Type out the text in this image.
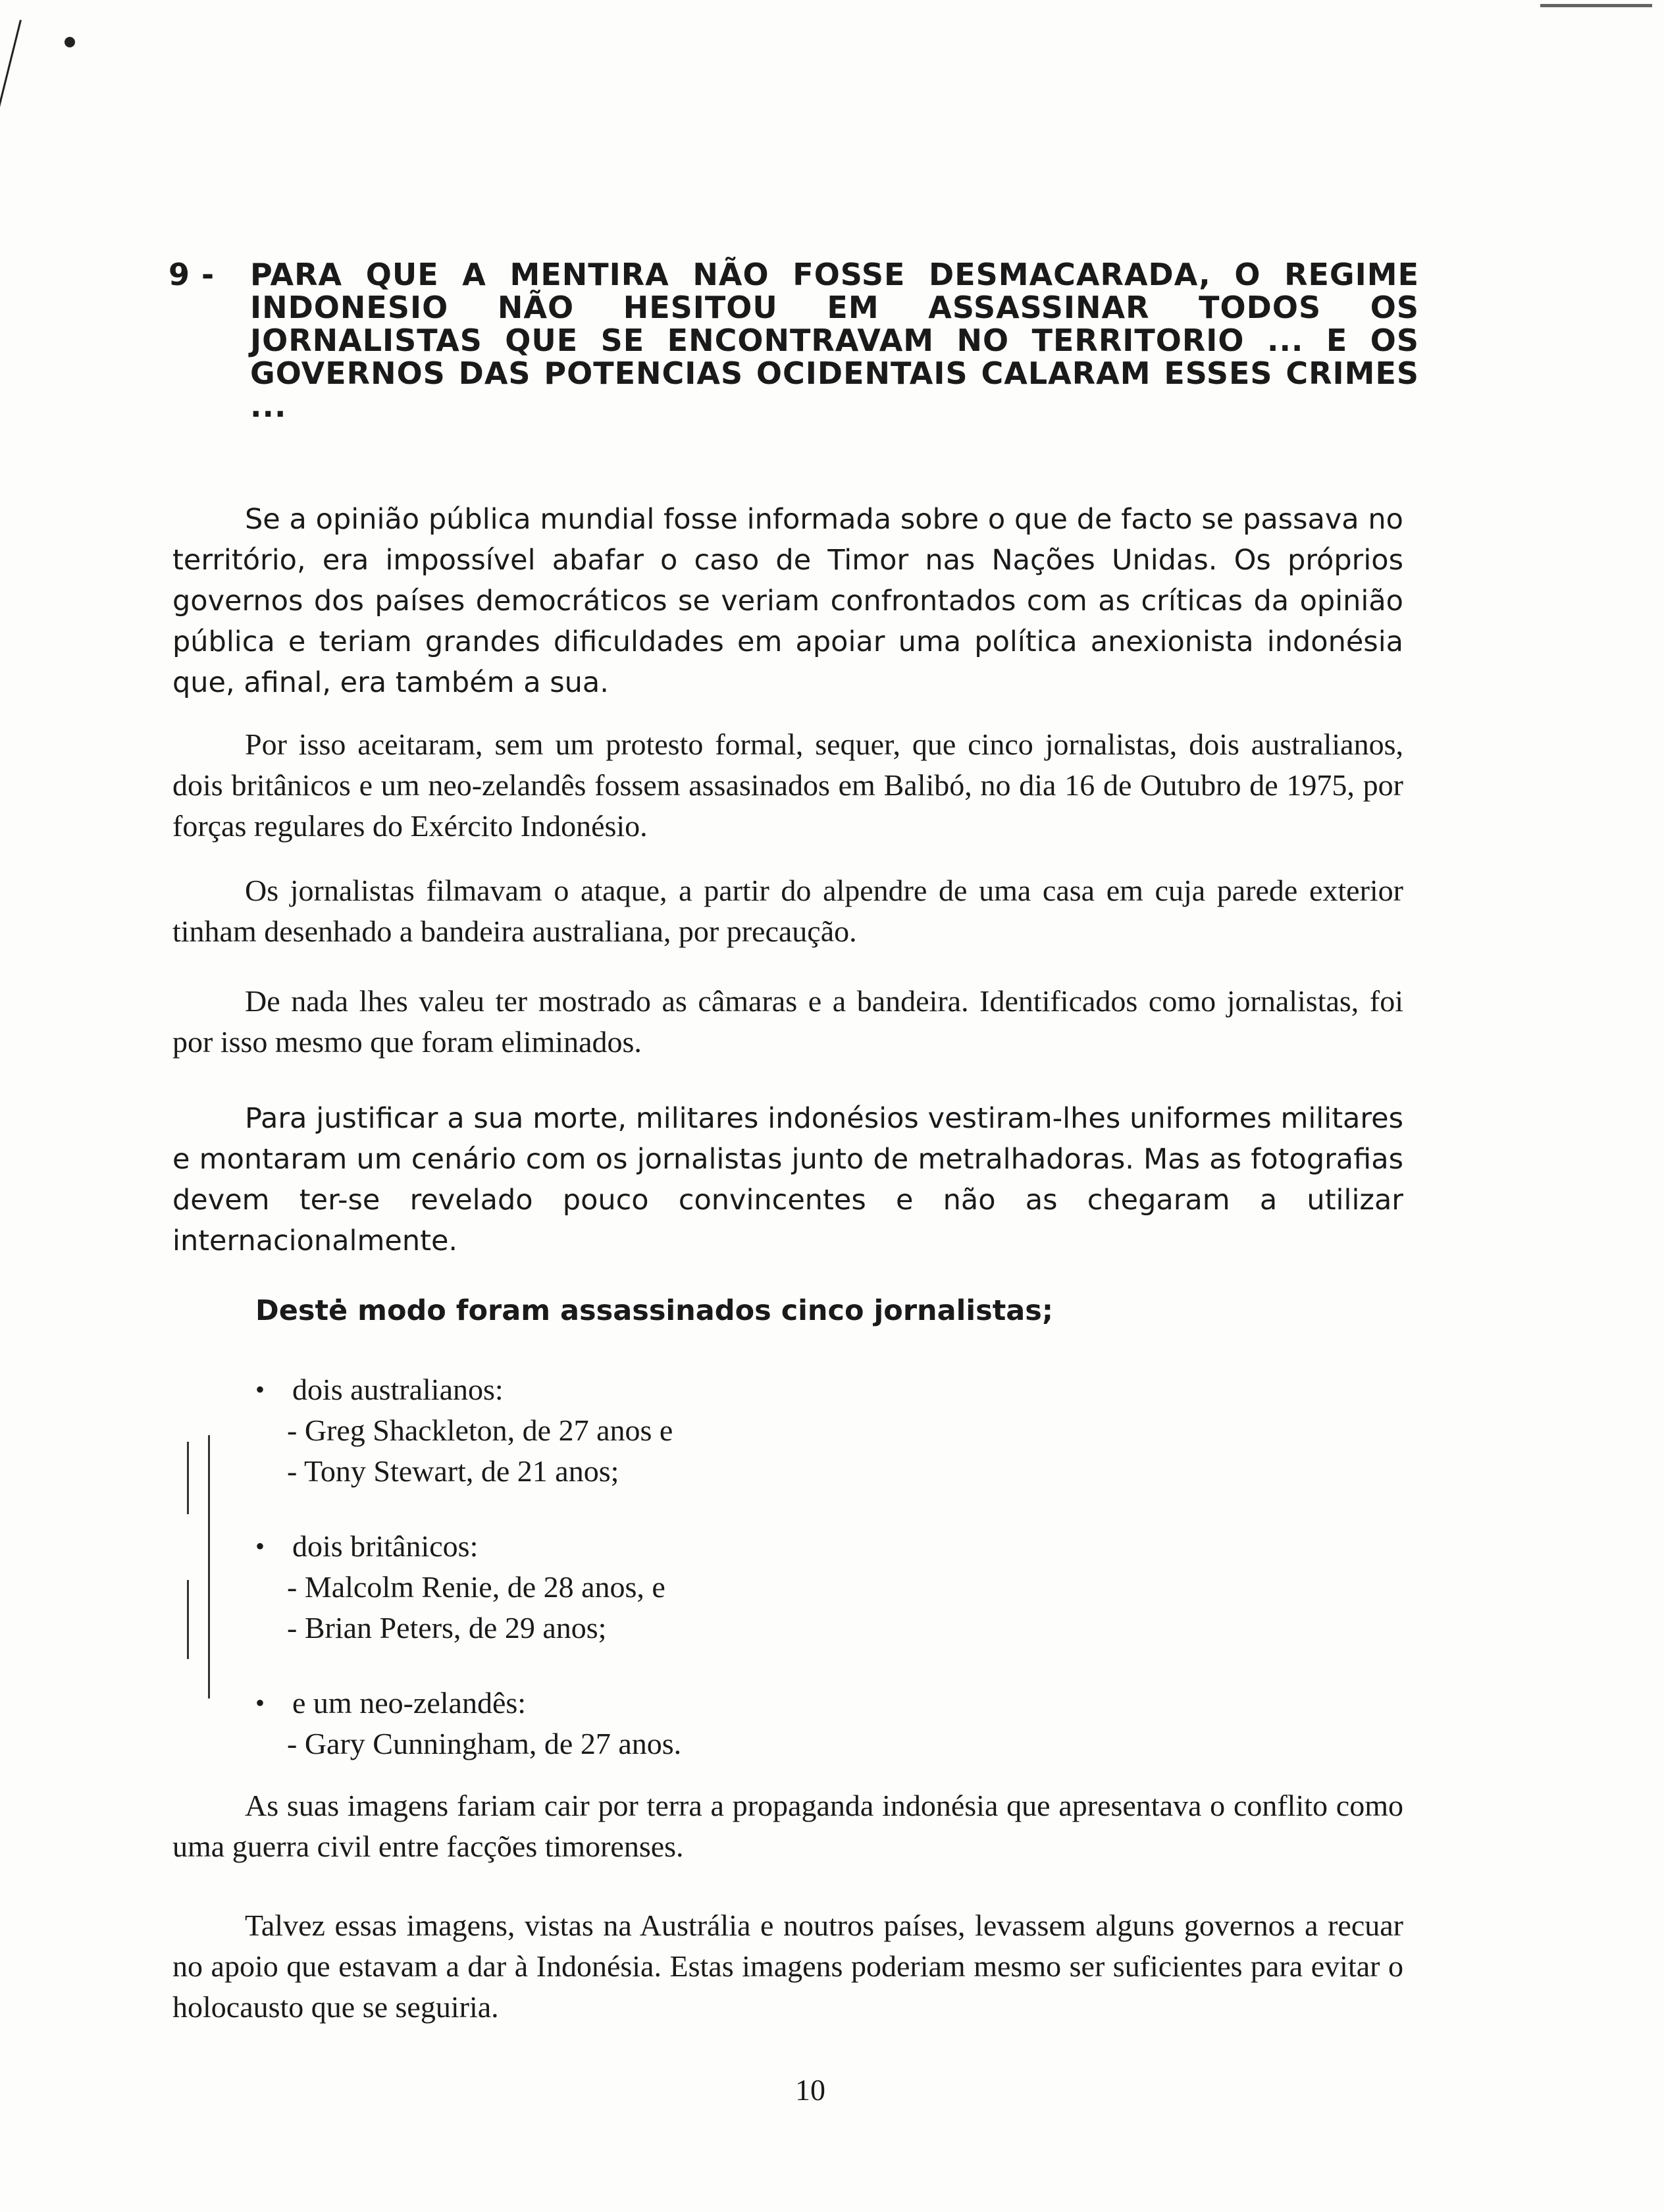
9 -	PARA QUE A MENTIRA NÃO FOSSE DESMACARADA, O REGIME INDONESIO NÃO HESITOU EM ASSASSINAR TODOS OS JORNALISTAS QUE SE ENCONTRAVAM NO TERRITORIO ... E OS GOVERNOS DAS POTENCIAS OCIDENTAIS CALARAM ESSES CRIMES ...

Se a opinião pública mundial fosse informada sobre o que de facto se passava no território, era impossível abafar o caso de Timor nas Nações Unidas. Os próprios governos dos países democráticos se veriam confrontados com as críticas da opinião pública e teriam grandes dificuldades em apoiar uma política anexionista indonésia que, afinal, era também a sua.

Por isso aceitaram, sem um protesto formal, sequer, que cinco jornalistas, dois australianos, dois britânicos e um neo-zelandês fossem assasinados em Balibó, no dia 16 de Outubro de 1975, por forças regulares do Exército Indonésio.

Os jornalistas filmavam o ataque, a partir do alpendre de uma casa em cuja parede exterior tinham desenhado a bandeira australiana, por precaução.

De nada lhes valeu ter mostrado as câmaras e a bandeira. Identificados como jornalistas, foi por isso mesmo que foram eliminados.

Para justificar a sua morte, militares indonésios vestiram-lhes uniformes militares e montaram um cenário com os jornalistas junto de metralhadoras. Mas as fotografias devem ter-se revelado pouco convincentes e não as chegaram a utilizar internacionalmente.

Destė modo foram assassinados cinco jornalistas;
• dois australianos:
- Greg Shackleton, de 27 anos e
- Tony Stewart, de 21 anos;
• dois britânicos:
- Malcolm Renie, de 28 anos, e
- Brian Peters, de 29 anos;
• e um neo-zelandês:
- Gary Cunningham, de 27 anos.

As suas imagens fariam cair por terra a propaganda indonésia que apresentava o conflito como uma guerra civil entre facções timorenses.

Talvez essas imagens, vistas na Austrália e noutros países, levassem alguns governos a recuar no apoio que estavam a dar à Indonésia. Estas imagens poderiam mesmo ser suficientes para evitar o holocausto que se seguiria.

10
